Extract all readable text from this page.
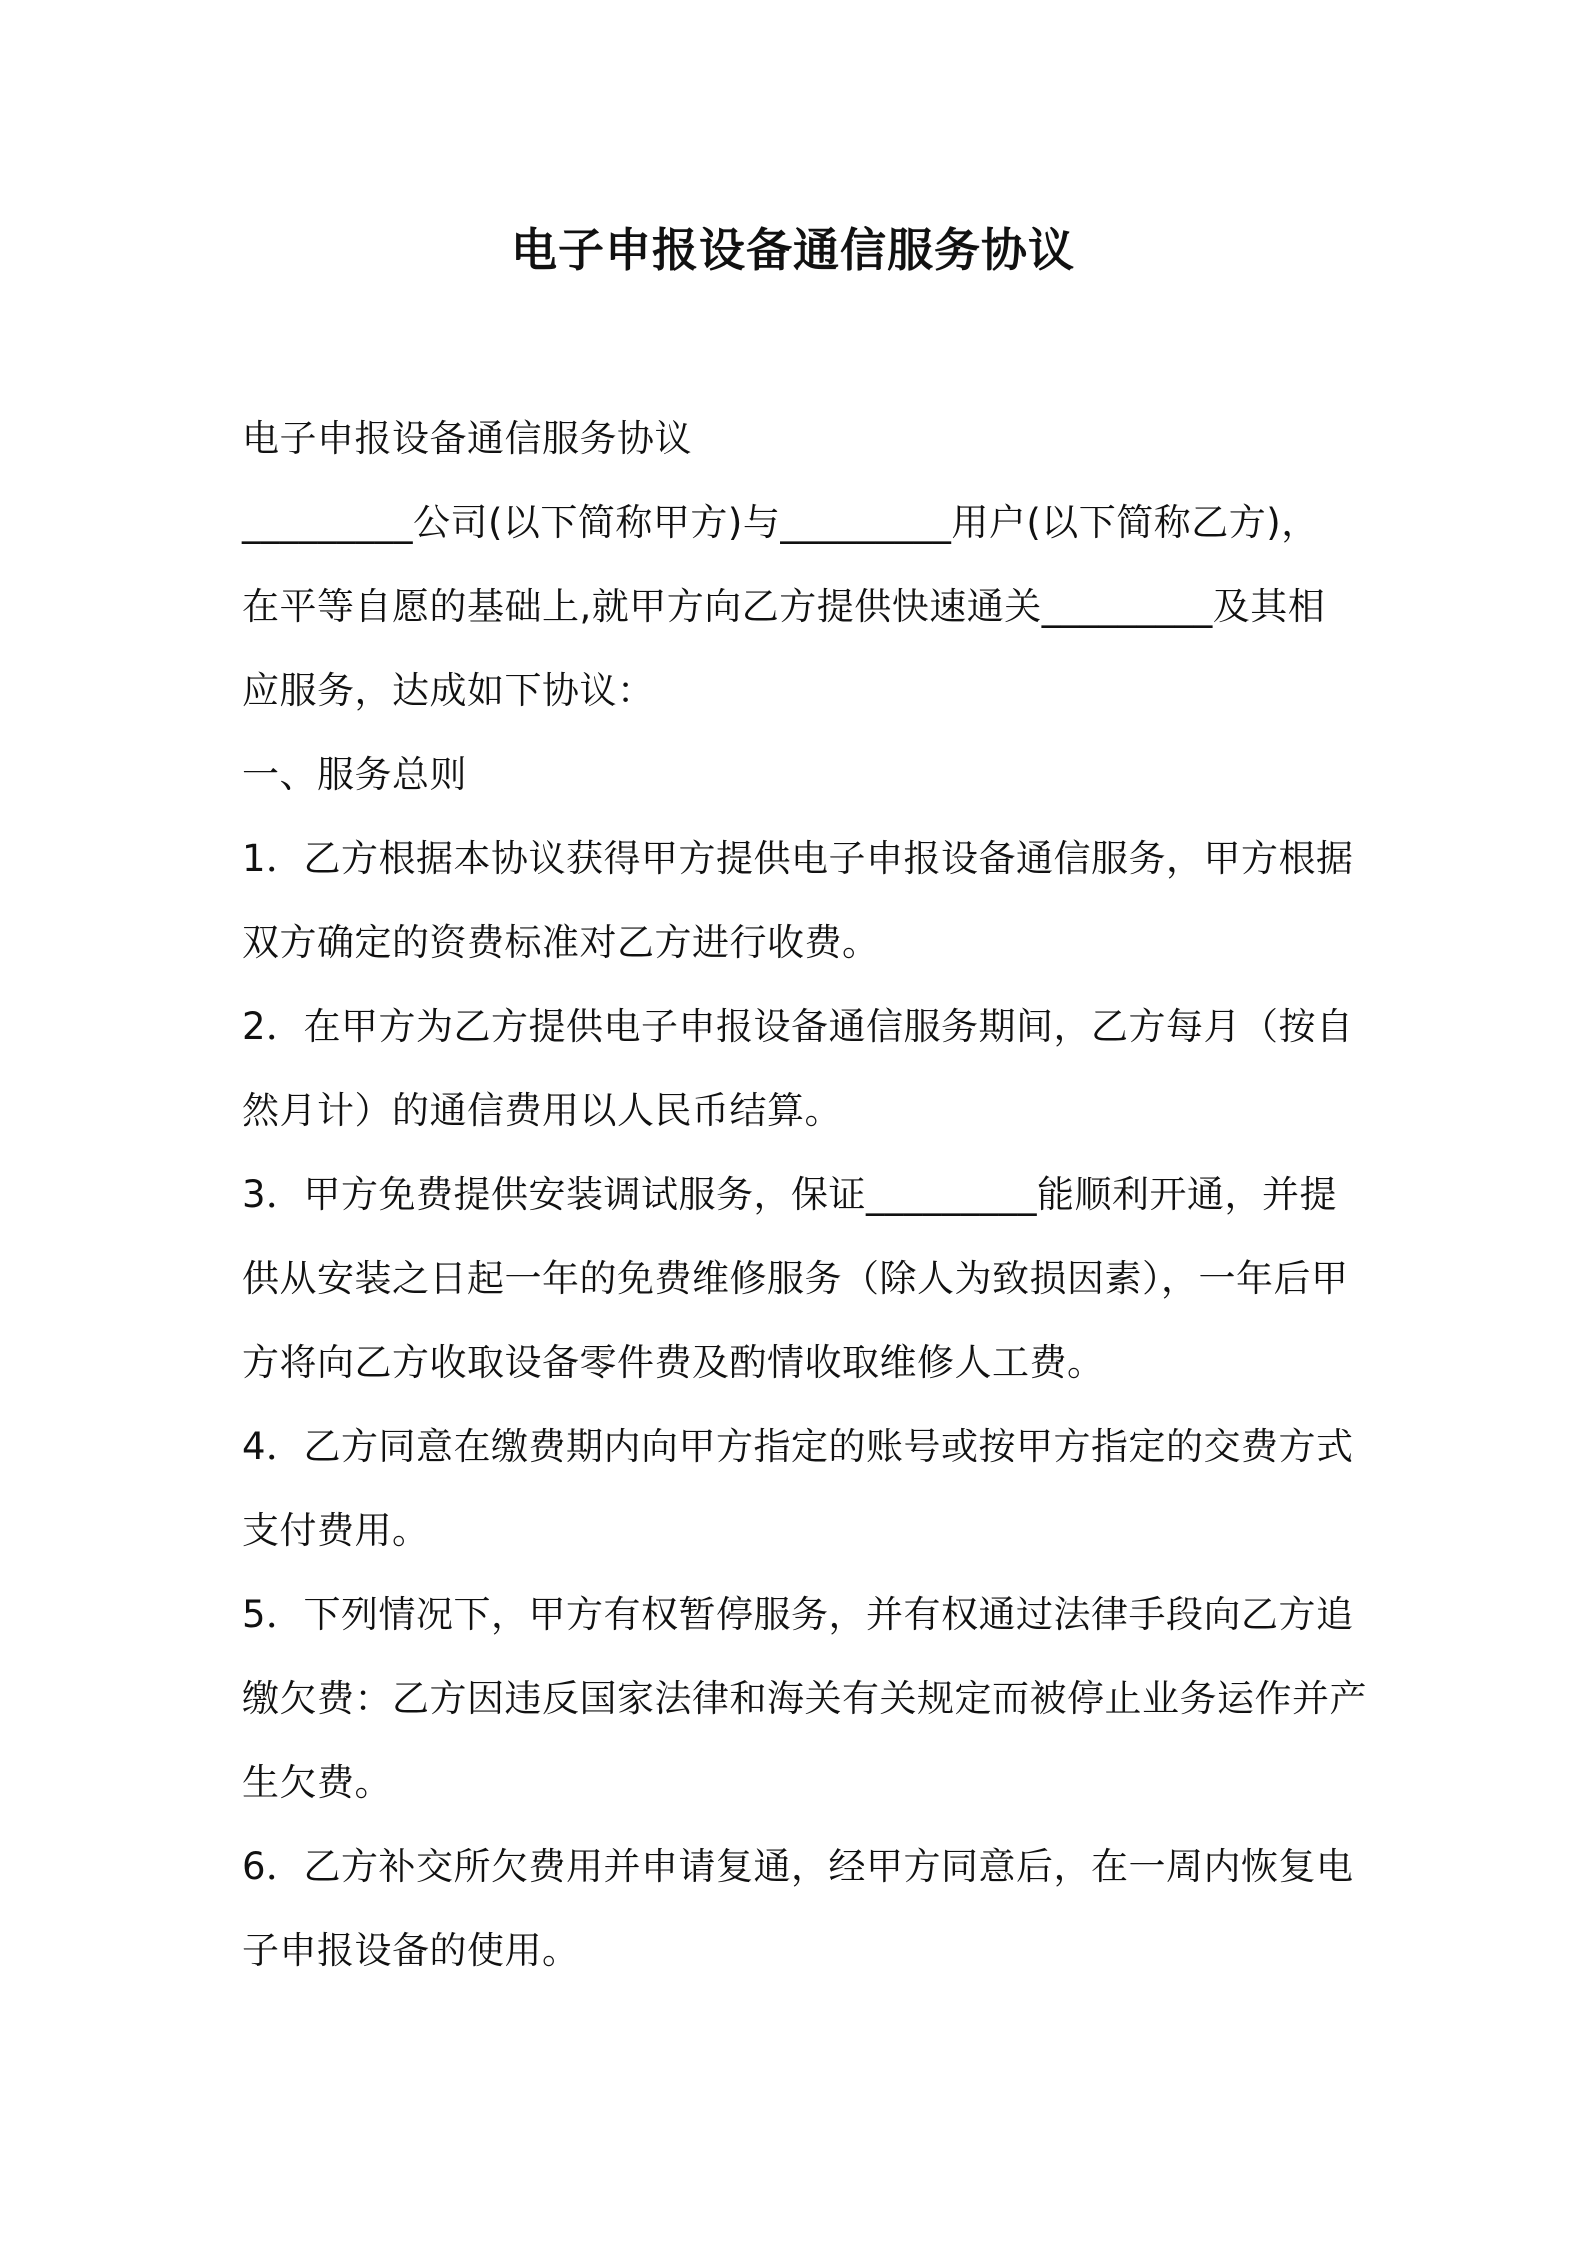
电子申报设备通信服务协议
电子申报设备通信服务协议
_________公司(以下简称甲方)与_________用户(以下简称乙方)，
在平等自愿的基础上,就甲方向乙方提供快速通关_________及其相
应服务，达成如下协议：
一、服务总则
1．乙方根据本协议获得甲方提供电子申报设备通信服务，甲方根据
双方确定的资费标准对乙方进行收费。
2．在甲方为乙方提供电子申报设备通信服务期间，乙方每月（按自
然月计）的通信费用以人民币结算。
3．甲方免费提供安装调试服务，保证_________能顺利开通，并提
供从安装之日起一年的免费维修服务（除人为致损因素），一年后甲
方将向乙方收取设备零件费及酌情收取维修人工费。
4．乙方同意在缴费期内向甲方指定的账号或按甲方指定的交费方式
支付费用。
5．下列情况下，甲方有权暂停服务，并有权通过法律手段向乙方追
缴欠费：乙方因违反国家法律和海关有关规定而被停止业务运作并产
生欠费。
6．乙方补交所欠费用并申请复通，经甲方同意后，在一周内恢复电
子申报设备的使用。
